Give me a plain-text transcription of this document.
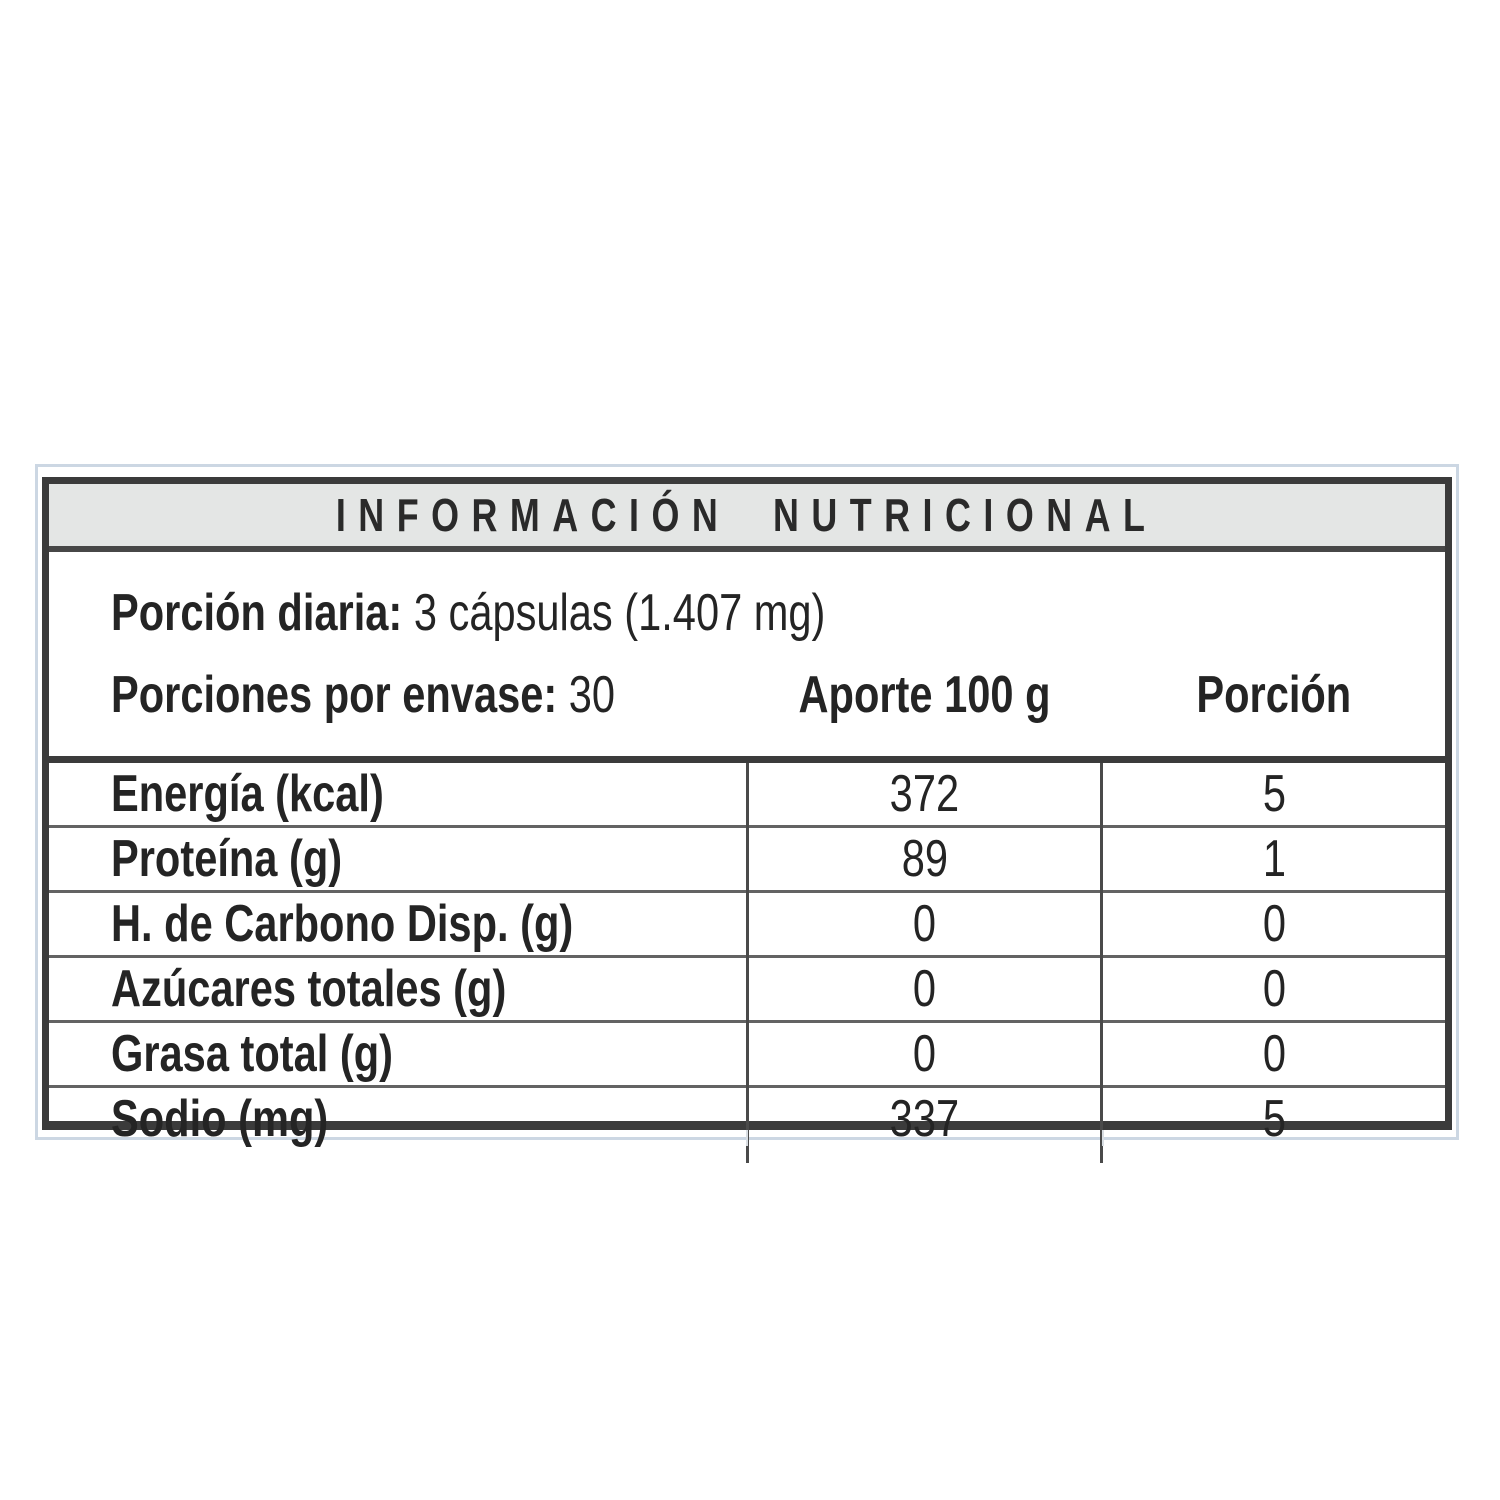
INFORMACIÓN NUTRICIONAL
Porción diaria: 3 cápsulas (1.407 mg)
Porciones por envase: 30	Aporte 100 g	Porción
Energía (kcal)	372	5
Proteína (g)	89	1
H. de Carbono Disp. (g)	0	0
Azúcares totales (g)	0	0
Grasa total (g)	0	0
Sodio (mg)	337	5
